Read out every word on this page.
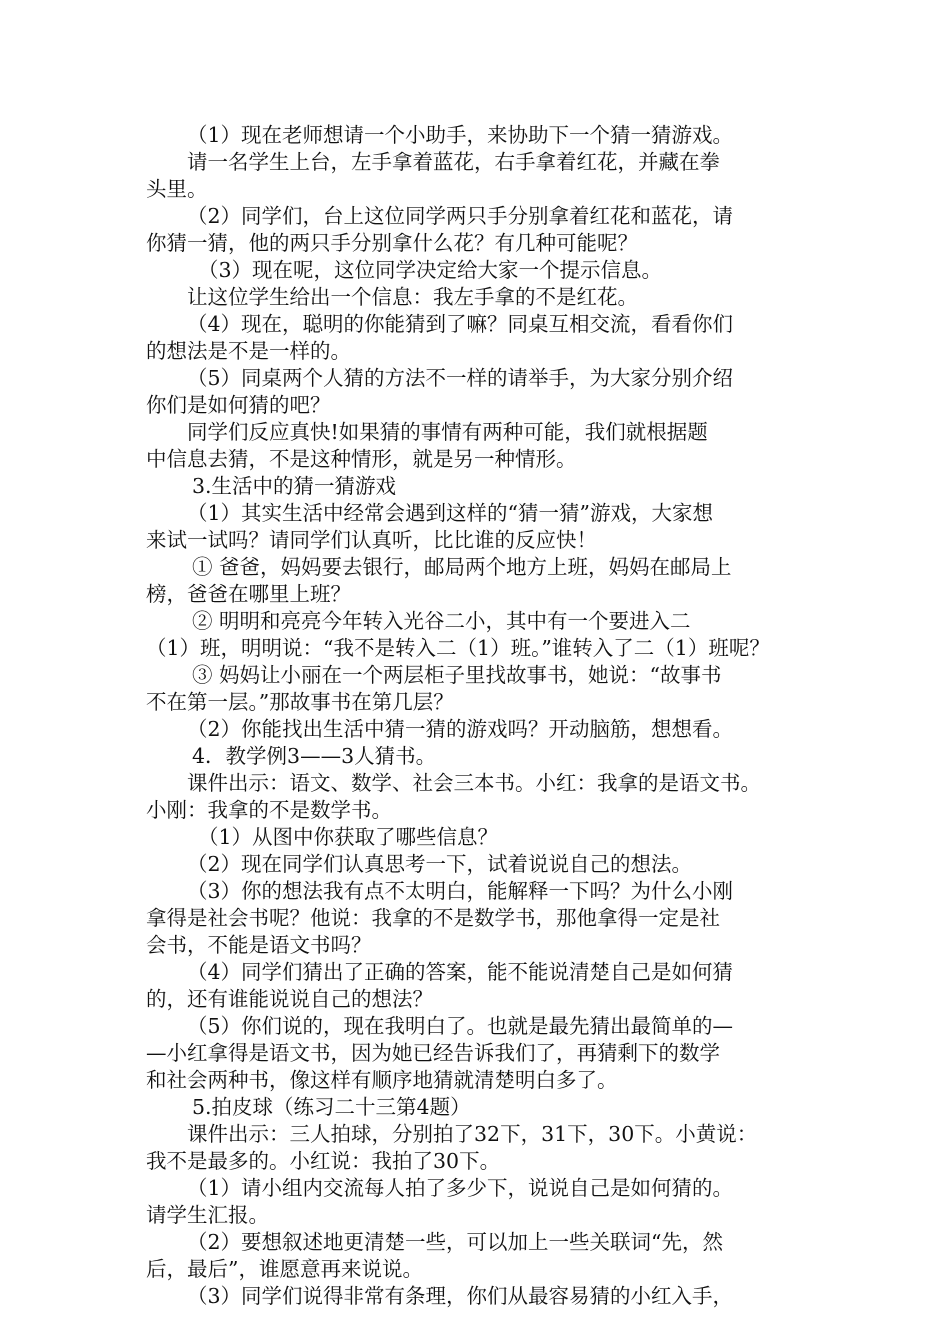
（1）现在老师想请一个小助手，来协助下一个猜一猜游戏。
请一名学生上台，左手拿着蓝花，右手拿着红花，并藏在拳
头里。
（2）同学们，台上这位同学两只手分别拿着红花和蓝花，请
你猜一猜，他的两只手分别拿什么花？有几种可能呢？
（3）现在呢，这位同学决定给大家一个提示信息。
让这位学生给出一个信息：我左手拿的不是红花。
（4）现在，聪明的你能猜到了嘛？同桌互相交流，看看你们
的想法是不是一样的。
（5）同桌两个人猜的方法不一样的请举手，为大家分别介绍
你们是如何猜的吧？
同学们反应真快!如果猜的事情有两种可能，我们就根据题
中信息去猜，不是这种情形，就是另一种情形。
3.生活中的猜一猜游戏
（1）其实生活中经常会遇到这样的“猜一猜”游戏，大家想
来试一试吗？请同学们认真听，比比谁的反应快！
① 爸爸，妈妈要去银行，邮局两个地方上班，妈妈在邮局上
榜，爸爸在哪里上班？
② 明明和亮亮今年转入光谷二小，其中有一个要进入二
（1）班，明明说：“我不是转入二（1）班。”谁转入了二（1）班呢？
③ 妈妈让小丽在一个两层柜子里找故事书，她说：“故事书
不在第一层。”那故事书在第几层？
（2）你能找出生活中猜一猜的游戏吗？开动脑筋，想想看。
4．教学例3——3人猜书。
课件出示：语文、数学、社会三本书。小红：我拿的是语文书。
小刚：我拿的不是数学书。
（1）从图中你获取了哪些信息？
（2）现在同学们认真思考一下，试着说说自己的想法。
（3）你的想法我有点不太明白，能解释一下吗？为什么小刚
拿得是社会书呢？他说：我拿的不是数学书，那他拿得一定是社
会书，不能是语文书吗？
（4）同学们猜出了正确的答案，能不能说清楚自己是如何猜
的，还有谁能说说自己的想法？
（5）你们说的，现在我明白了。也就是最先猜出最简单的—
—小红拿得是语文书，因为她已经告诉我们了，再猜剩下的数学
和社会两种书，像这样有顺序地猜就清楚明白多了。
5.拍皮球（练习二十三第4题）
课件出示：三人拍球，分别拍了32下，31下，30下。小黄说：
我不是最多的。小红说：我拍了30下。
（1）请小组内交流每人拍了多少下，说说自己是如何猜的。
请学生汇报。
（2）要想叙述地更清楚一些，可以加上一些关联词“先，然
后，最后”，谁愿意再来说说。
（3）同学们说得非常有条理，你们从最容易猜的小红入手，
